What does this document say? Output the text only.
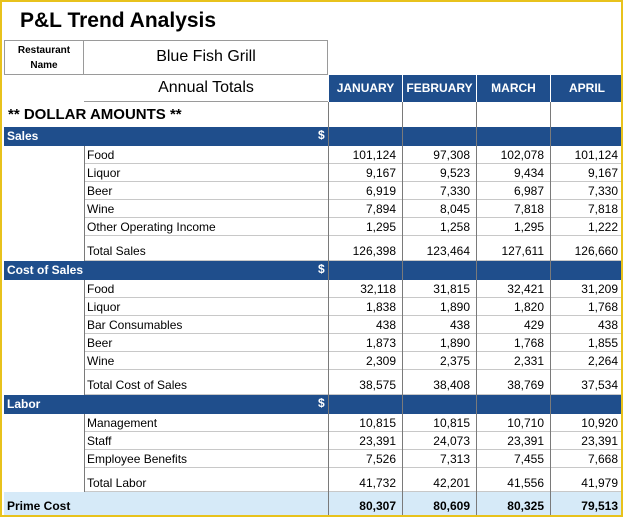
P&L Trend Analysis
Restaurant Name
Blue Fish Grill
Annual Totals	JANUARY	FEBRUARY	MARCH	APRIL
** DOLLAR AMOUNTS **
Sales	$
Food	101,124	97,308	102,078	101,124
Liquor	9,167	9,523	9,434	9,167
Beer	6,919	7,330	6,987	7,330
Wine	7,894	8,045	7,818	7,818
Other Operating Income	1,295	1,258	1,295	1,222
Total Sales	126,398	123,464	127,611	126,660
Cost of Sales	$
Food	32,118	31,815	32,421	31,209
Liquor	1,838	1,890	1,820	1,768
Bar Consumables	438	438	429	438
Beer	1,873	1,890	1,768	1,855
Wine	2,309	2,375	2,331	2,264
Total Cost of Sales	38,575	38,408	38,769	37,534
Labor	$
Management	10,815	10,815	10,710	10,920
Staff	23,391	24,073	23,391	23,391
Employee Benefits	7,526	7,313	7,455	7,668
Total Labor	41,732	42,201	41,556	41,979
Prime Cost	80,307	80,609	80,325	79,513
